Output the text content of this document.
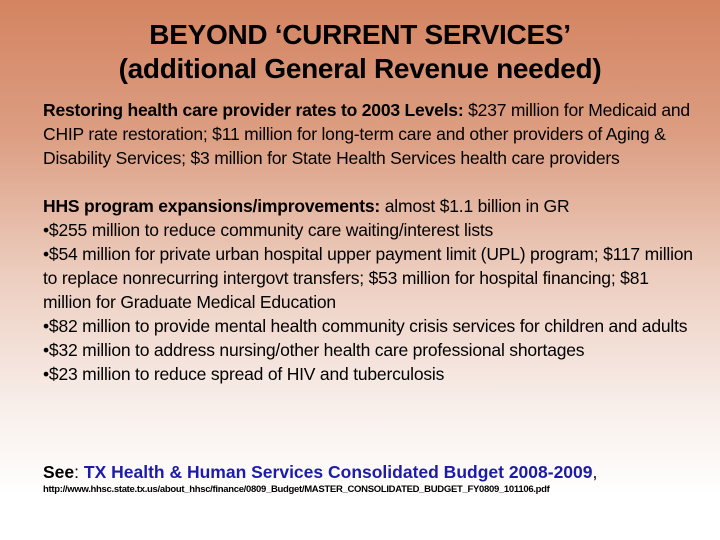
BEYOND ‘CURRENT SERVICES’
(additional General Revenue needed)

Restoring health care provider rates to 2003 Levels: $237 million for Medicaid and CHIP rate restoration; $11 million for long-term care and other providers of Aging & Disability Services; $3 million for State Health Services health care providers

HHS program expansions/improvements: almost $1.1 billion in GR

•$255 million to reduce community care waiting/interest lists

•$54 million for private urban hospital upper payment limit (UPL) program; $117 million to replace nonrecurring intergovt transfers; $53 million for hospital financing; $81 million for Graduate Medical Education

•$82 million to provide mental health community crisis services for children and adults

•$32 million to address nursing/other health care professional shortages

•$23 million to reduce spread of HIV and tuberculosis

See: TX Health & Human Services Consolidated Budget 2008-2009,
http://www.hhsc.state.tx.us/about_hhsc/finance/0809_Budget/MASTER_CONSOLIDATED_BUDGET_FY0809_101106.pdf
